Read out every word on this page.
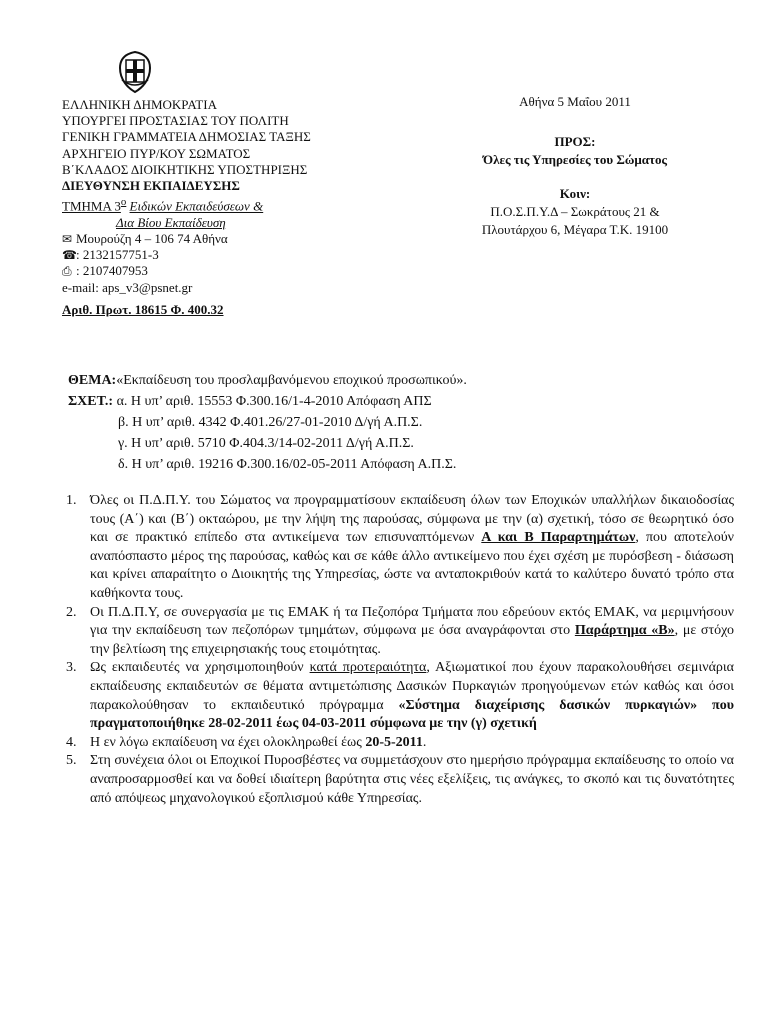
ΕΛΛΗΝΙΚΗ ΔΗΜΟΚΡΑΤΙΑ
ΥΠΟΥΡΓΕΙ ΠΡΟΣΤΑΣΙΑΣ ΤΟΥ ΠΟΛΙΤΗ
ΓΕΝΙΚΗ ΓΡΑΜΜΑΤΕΙΑ ΔΗΜΟΣΙΑΣ ΤΑΞΗΣ
ΑΡΧΗΓΕΙΟ ΠΥΡ/ΚΟΥ ΣΩΜΑΤΟΣ
Β΄ΚΛΑΔΟΣ ΔΙΟΙΚΗΤΙΚΗΣ ΥΠΟΣΤΗΡΙΞΗΣ
ΔΙΕΥΘΥΝΣΗ ΕΚΠΑΙΔΕΥΣΗΣ
ΤΜΗΜΑ $3^o$ Ειδικών Εκπαιδεύσεων &
Δια Βίου Εκπαίδευση
✉ Μουρούζη 4 – 106 74 Αθήνα
☎: 2132157751-3
⎙ : 2107407953
e-mail: aps_v3@psnet.gr
Αριθ. Πρωτ. 18615 Φ. 400.32
Αθήνα 5 Μαΐου 2011
ΠΡΟΣ:
Όλες τις Υπηρεσίες του Σώματος
Κοιν:
Π.Ο.Σ.Π.Υ.Δ – Σωκράτους 21 &
Πλουτάρχου 6, Μέγαρα Τ.Κ. 19100
ΘΕΜΑ:«Εκπαίδευση του προσλαμβανόμενου εποχικού προσωπικού».
ΣΧΕΤ.: α. Η υπ’ αριθ. 15553 Φ.300.16/1-4-2010 Απόφαση ΑΠΣ
β. Η υπ’ αριθ. 4342 Φ.401.26/27-01-2010 Δ/γή Α.Π.Σ.
γ. Η υπ’ αριθ. 5710 Φ.404.3/14-02-2011 Δ/γή Α.Π.Σ.
δ. Η υπ’ αριθ. 19216 Φ.300.16/02-05-2011 Απόφαση Α.Π.Σ.
1. Όλες οι Π.Δ.Π.Υ. του Σώματος να προγραμματίσουν εκπαίδευση όλων των Εποχικών υπαλλήλων δικαιοδοσίας τους (Α΄) και (Β΄) οκταώρου, με την λήψη της παρούσας, σύμφωνα με την (α) σχετική, τόσο σε θεωρητικό όσο και σε πρακτικό επίπεδο στα αντικείμενα των επισυναπτόμενων Α και Β Παραρτημάτων, που αποτελούν αναπόσπαστο μέρος της παρούσας, καθώς και σε κάθε άλλο αντικείμενο που έχει σχέση με πυρόσβεση - διάσωση και κρίνει απαραίτητο ο Διοικητής της Υπηρεσίας, ώστε να ανταποκριθούν κατά το καλύτερο δυνατό τρόπο στα καθήκοντα τους.
2. Οι Π.Δ.Π.Υ, σε συνεργασία με τις ΕΜΑΚ ή τα Πεζοπόρα Τμήματα που εδρεύουν εκτός ΕΜΑΚ, να μεριμνήσουν για την εκπαίδευση των πεζοπόρων τμημάτων, σύμφωνα με όσα αναγράφονται στο Παράρτημα «Β», με στόχο την βελτίωση της επιχειρησιακής τους ετοιμότητας.
3. Ως εκπαιδευτές να χρησιμοποιηθούν κατά προτεραιότητα, Αξιωματικοί που έχουν παρακολουθήσει σεμινάρια εκπαίδευσης εκπαιδευτών σε θέματα αντιμετώπισης Δασικών Πυρκαγιών προηγούμενων ετών καθώς και όσοι παρακολούθησαν το εκπαιδευτικό πρόγραμμα «Σύστημα διαχείρισης δασικών πυρκαγιών» που πραγματοποιήθηκε 28-02-2011 έως 04-03-2011 σύμφωνα με την (γ) σχετική
4. Η εν λόγω εκπαίδευση να έχει ολοκληρωθεί έως 20-5-2011.
5. Στη συνέχεια όλοι οι Εποχικοί Πυροσβέστες να συμμετάσχουν στο ημερήσιο πρόγραμμα εκπαίδευσης το οποίο να αναπροσαρμοσθεί και να δοθεί ιδιαίτερη βαρύτητα στις νέες εξελίξεις, τις ανάγκες, το σκοπό και τις δυνατότητες από απόψεως μηχανολογικού εξοπλισμού κάθε Υπηρεσίας.
